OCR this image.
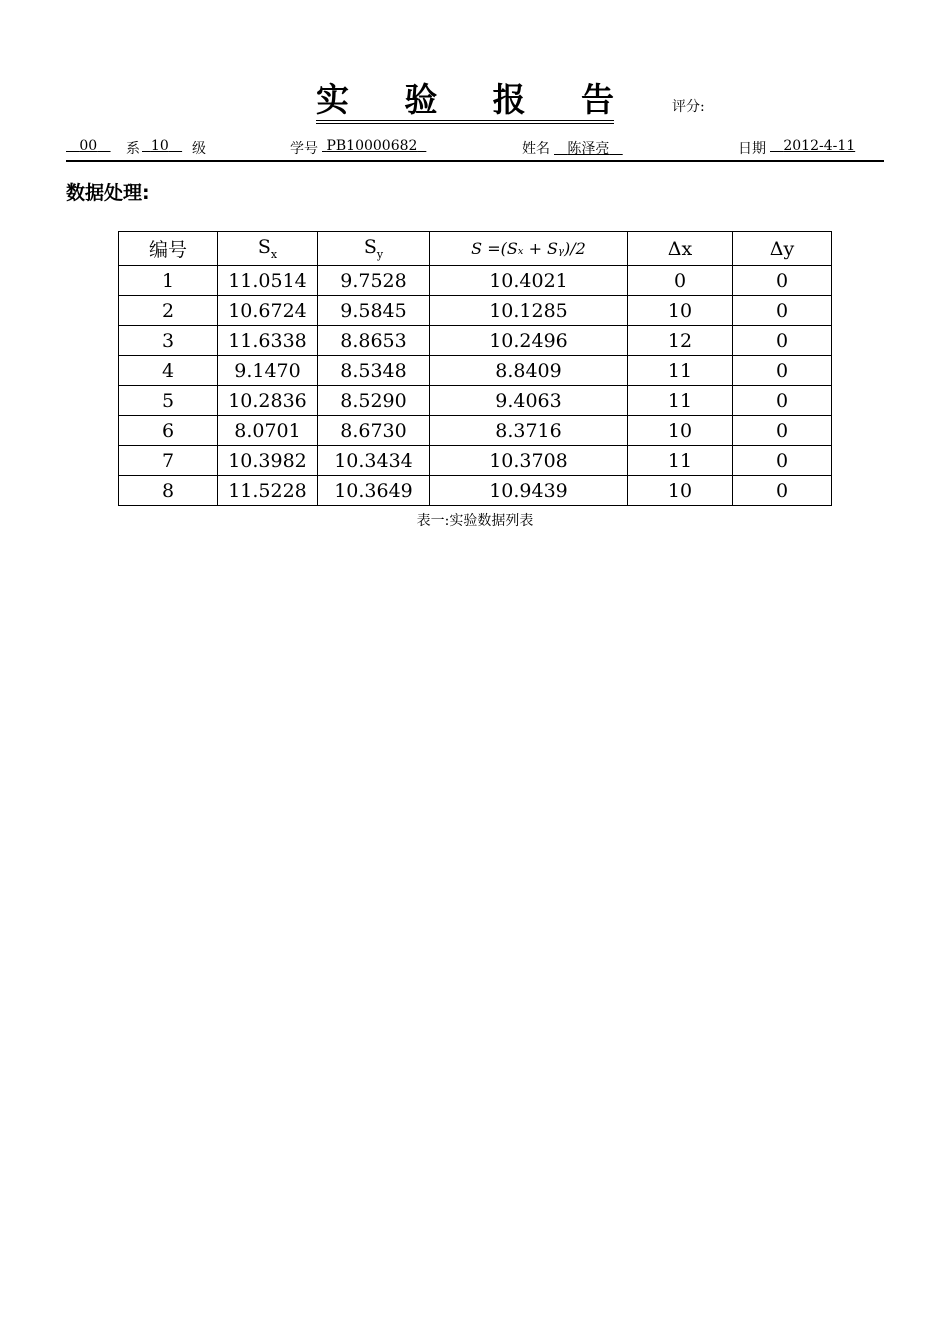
实 验 报 告	评分:
00	系 10	级	学号 PB10000682	姓名	陈泽亮	日期	2012-4-11
数据处理:
编号	$S_x$	$S_y$	S =(Sₓ + Sᵧ)/2	Δx	Δy
1	11.0514	9.7528	10.4021	0	0
2	10.6724	9.5845	10.1285	10	0
3	11.6338	8.8653	10.2496	12	0
4	9.1470	8.5348	8.8409	11	0
5	10.2836	8.5290	9.4063	11	0
6	8.0701	8.6730	8.3716	10	0
7	10.3982	10.3434	10.3708	11	0
8	11.5228	10.3649	10.9439	10	0
表一:实验数据列表
